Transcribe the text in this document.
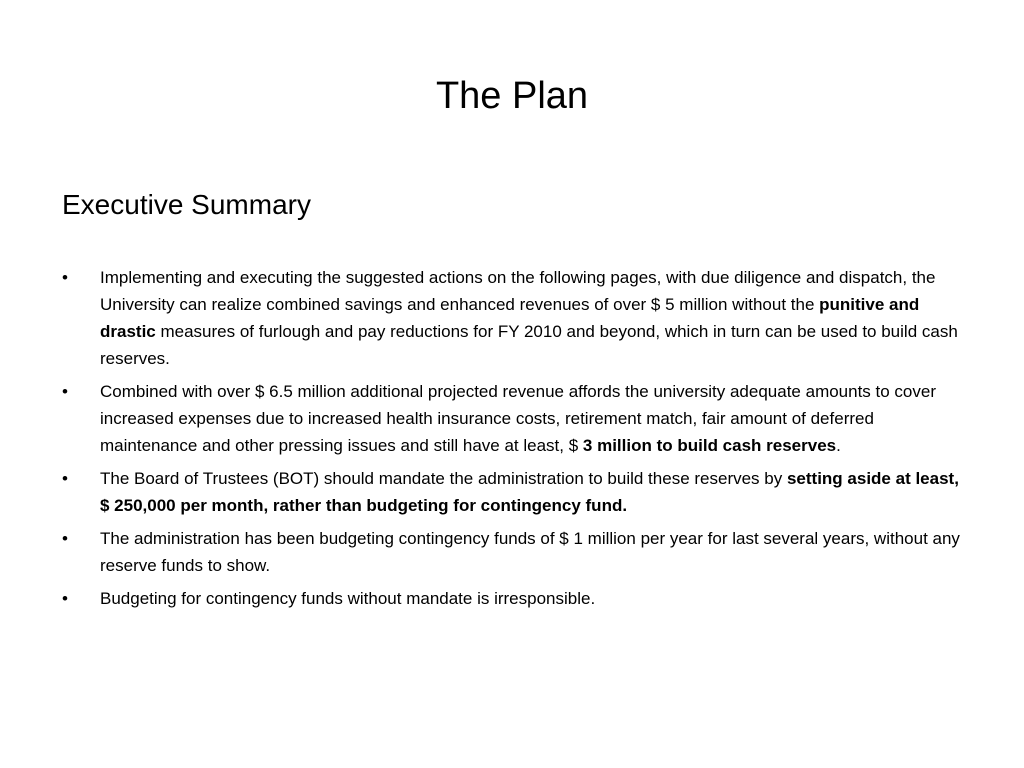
The Plan
Executive Summary
•	Implementing and executing the suggested actions on the following pages, with due diligence and dispatch, the University can realize combined savings and enhanced revenues of over $ 5 million without the punitive and drastic measures of furlough and pay reductions for FY 2010 and beyond, which in turn can be used to build cash reserves.
•	Combined with over $ 6.5 million additional projected revenue affords the university adequate amounts to cover increased expenses due to increased health insurance costs, retirement match, fair amount of deferred maintenance and other pressing issues and still have at least, $ 3 million to build cash reserves.
•	The Board of Trustees (BOT) should mandate the administration to build these reserves by setting aside at least, $ 250,000 per month, rather than budgeting for contingency fund.
•	The administration has been budgeting contingency funds of $ 1 million per year for last several years, without any reserve funds to show.
•	Budgeting for contingency funds without mandate is irresponsible.
